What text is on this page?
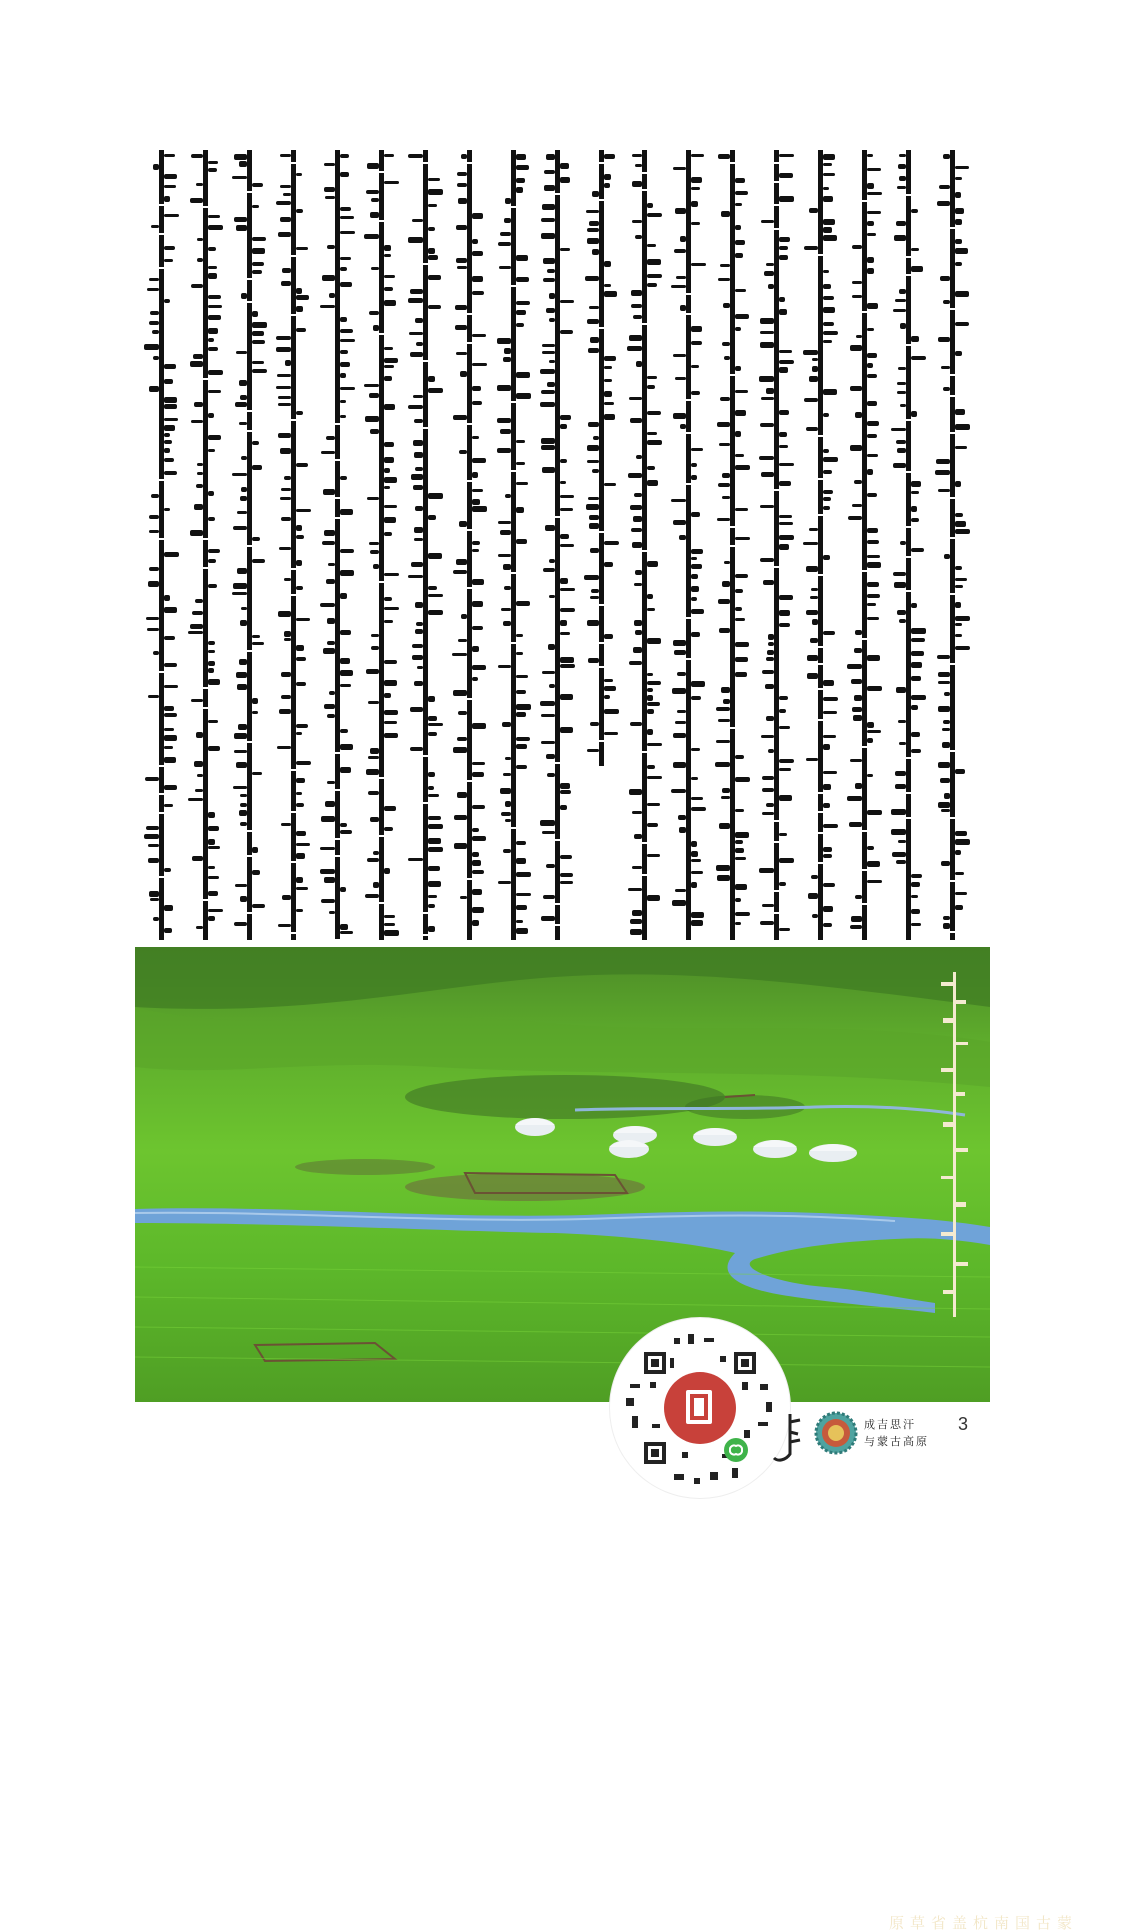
蒙古国 南杭盖省草原
成吉思汗
与蒙古高原
3
